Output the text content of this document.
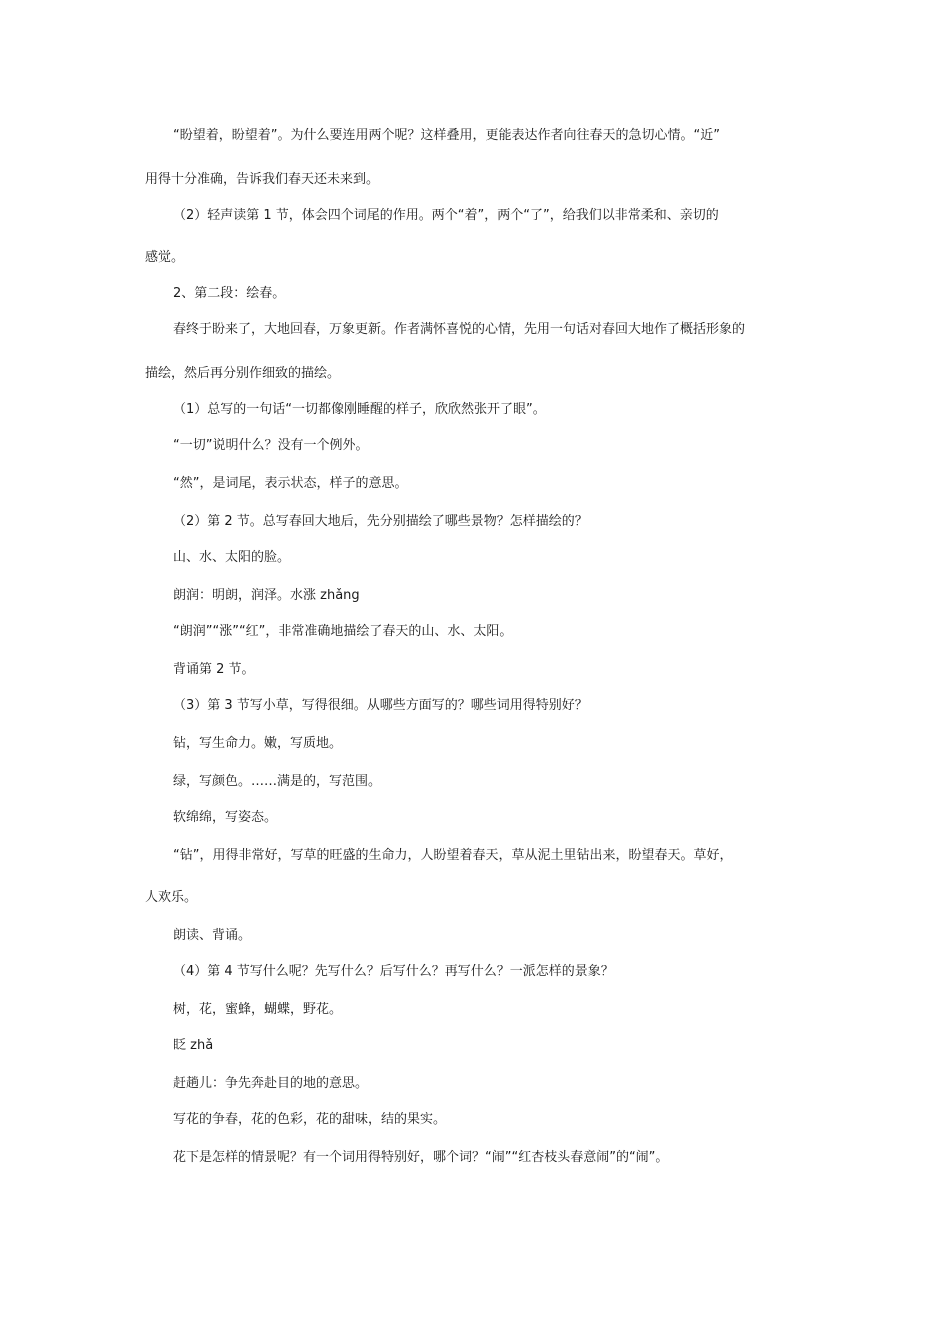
“盼望着，盼望着”。为什么要连用两个呢？这样叠用，更能表达作者向往春天的急切心情。“近”
用得十分准确，告诉我们春天还未来到。
（2）轻声读第 1 节，体会四个词尾的作用。两个“着”，两个“了”，给我们以非常柔和、亲切的
感觉。
2、第二段：绘春。
春终于盼来了，大地回春，万象更新。作者满怀喜悦的心情，先用一句话对春回大地作了概括形象的
描绘，然后再分别作细致的描绘。
（1）总写的一句话“一切都像刚睡醒的样子，欣欣然张开了眼”。
“一切”说明什么？没有一个例外。
“然”，是词尾，表示状态，样子的意思。
（2）第 2 节。总写春回大地后，先分别描绘了哪些景物？怎样描绘的？
山、水、太阳的脸。
朗润：明朗，润泽。水涨 zhǎng
“朗润”“涨”“红”，非常准确地描绘了春天的山、水、太阳。
背诵第 2 节。
（3）第 3 节写小草，写得很细。从哪些方面写的？哪些词用得特别好？
钻，写生命力。嫩，写质地。
绿，写颜色。……满是的，写范围。
软绵绵，写姿态。
“钻”，用得非常好，写草的旺盛的生命力，人盼望着春天，草从泥土里钻出来，盼望春天。草好，
人欢乐。
朗读、背诵。
（4）第 4 节写什么呢？先写什么？后写什么？再写什么？一派怎样的景象？
树，花，蜜蜂，蝴蝶，野花。
眨 zhǎ
赶趟儿：争先奔赴目的地的意思。
写花的争春，花的色彩，花的甜味，结的果实。
花下是怎样的情景呢？有一个词用得特别好，哪个词？“闹”“红杏枝头春意闹”的“闹”。
